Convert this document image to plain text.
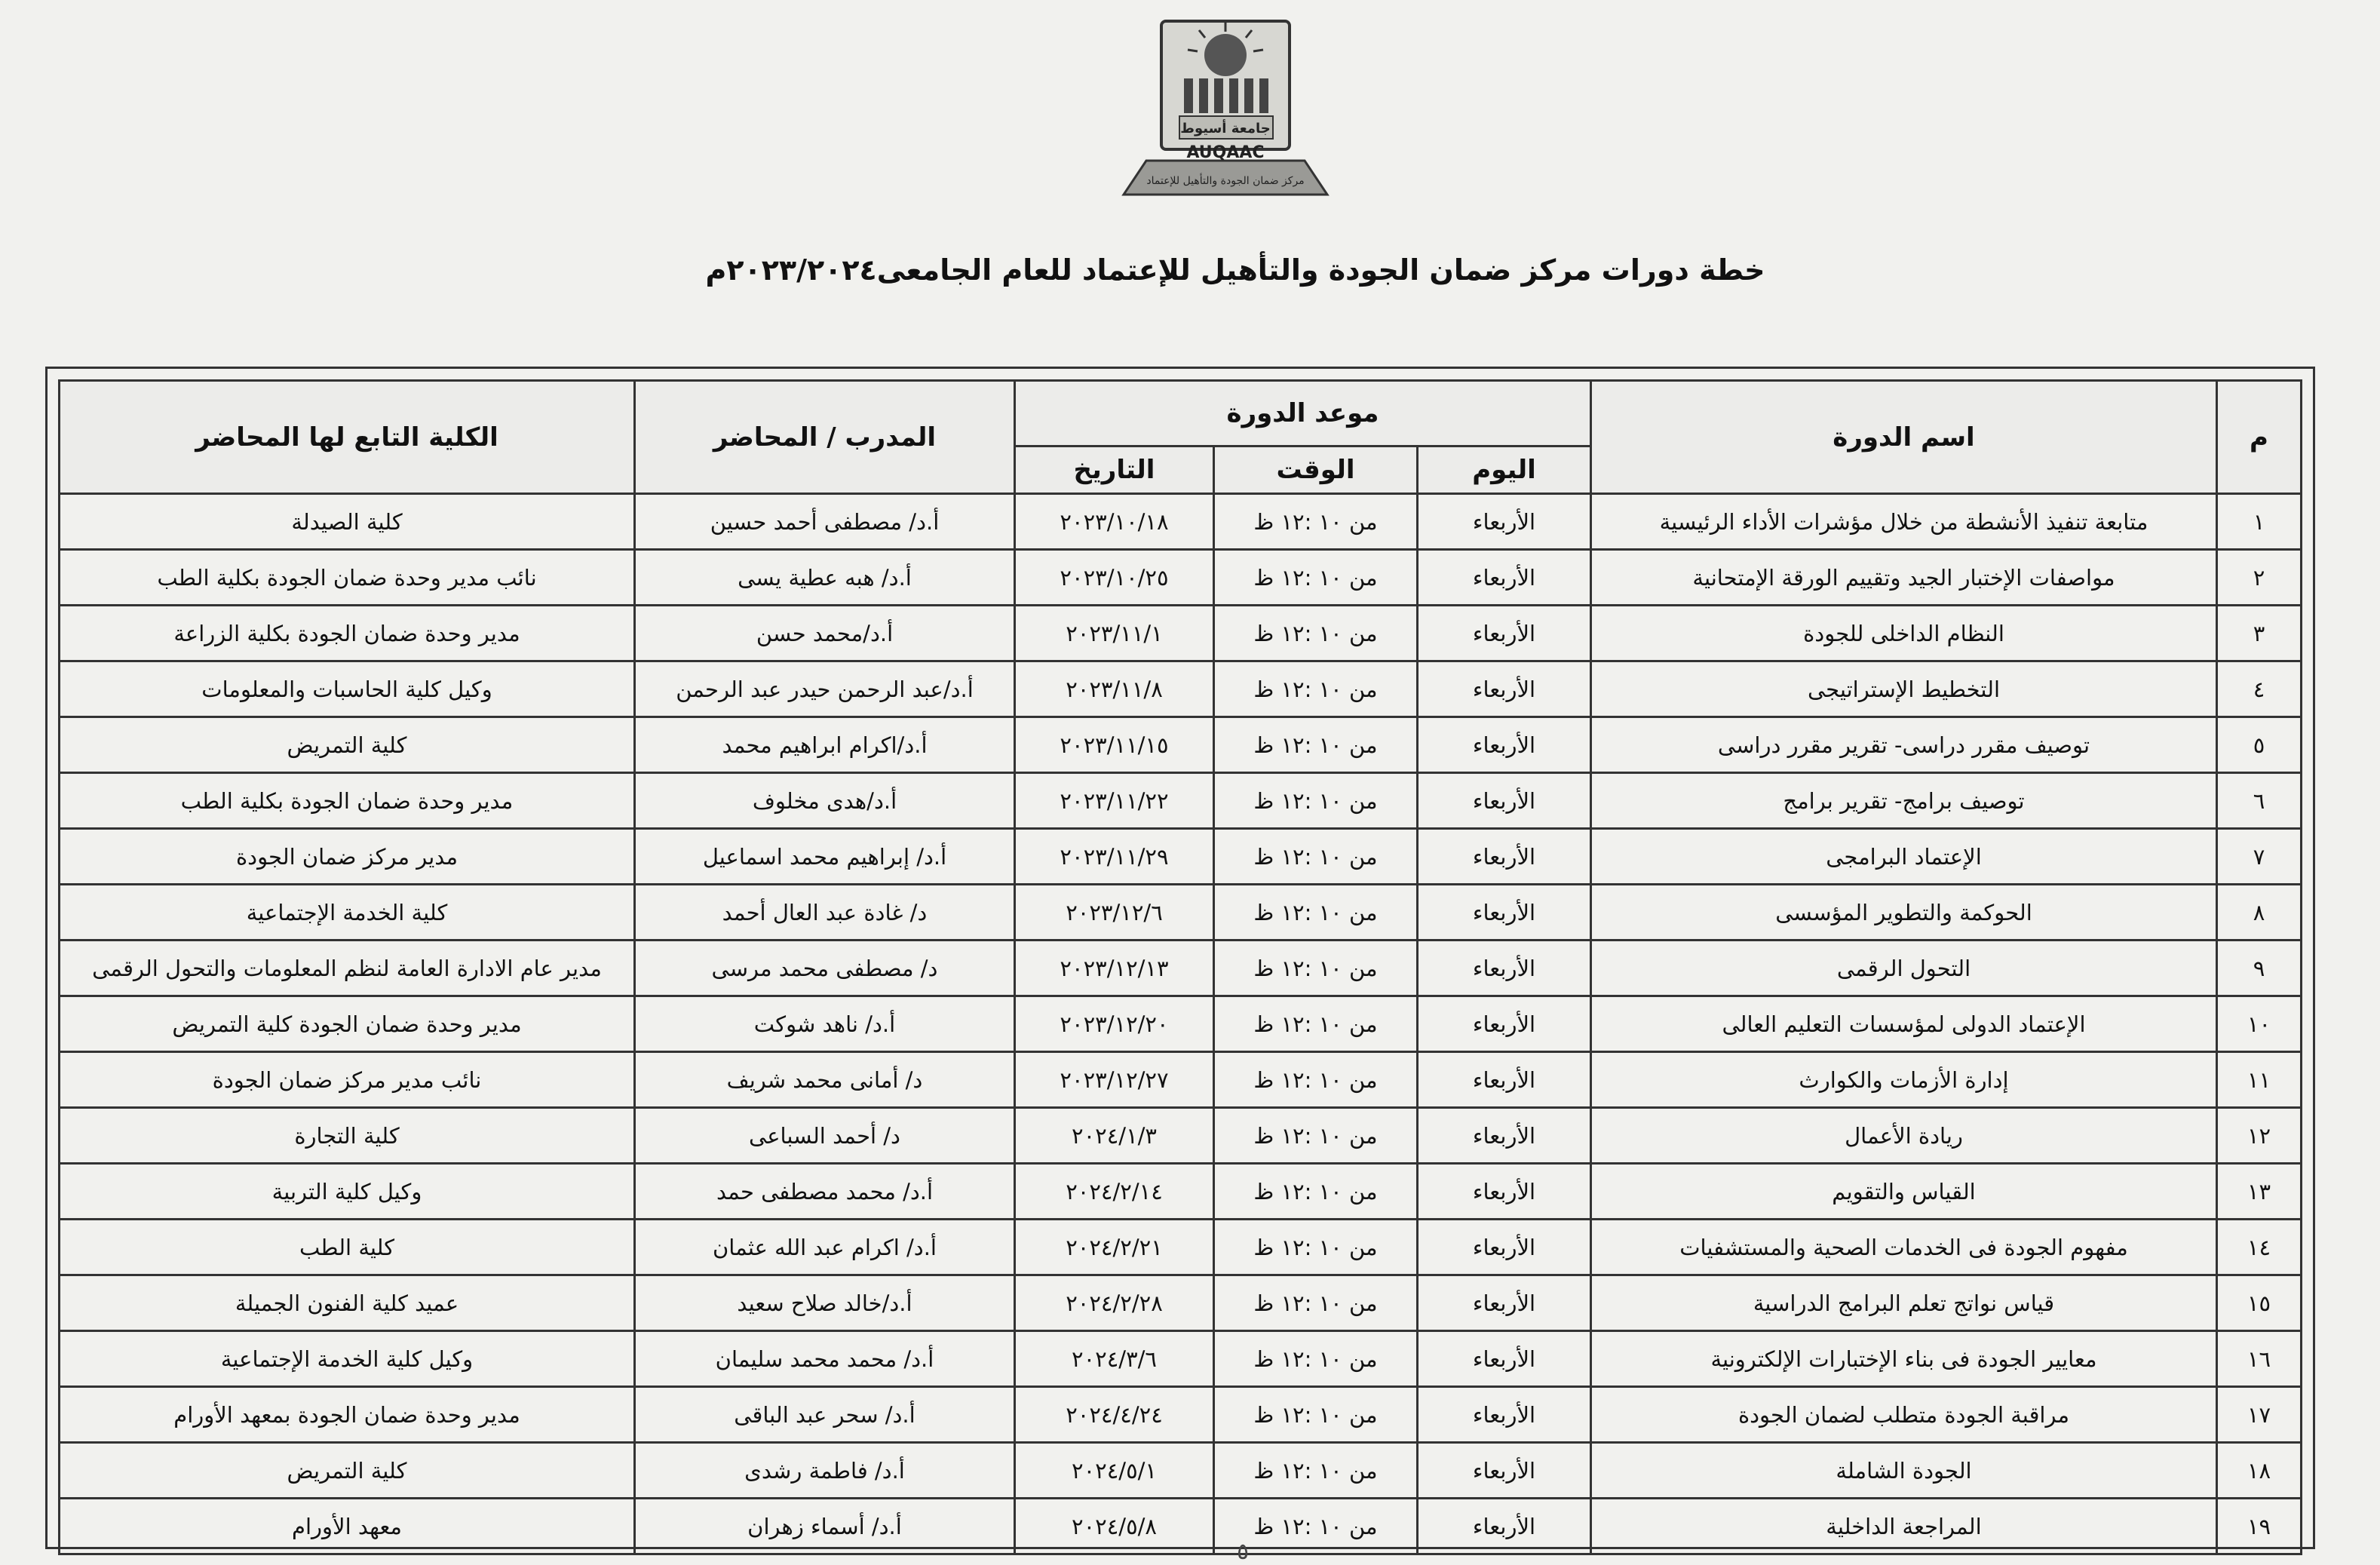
جامعة أسيوط
AUQAAC
مركز ضمان الجودة والتأهيل للإعتماد
خطة دورات مركز ضمان الجودة والتأهيل للإعتماد للعام الجامعى٢٠٢٣/٢٠٢٤م
م	اسم الدورة	موعد الدورة			المدرب / المحاضر	الكلية التابع لها المحاضر
		اليوم	الوقت	التاريخ		
١	متابعة تنفيذ الأنشطة من خلال مؤشرات الأداء الرئيسية	الأربعاء	من ١٠ :١٢ ظ	٢٠٢٣/١٠/١٨	أ.د/ مصطفى أحمد حسين	كلية الصيدلة
٢	مواصفات الإختبار الجيد وتقييم الورقة الإمتحانية	الأربعاء	من ١٠ :١٢ ظ	٢٠٢٣/١٠/٢٥	أ.د/ هبه عطية يسى	نائب مدير وحدة ضمان الجودة بكلية الطب
٣	النظام الداخلى للجودة	الأربعاء	من ١٠ :١٢ ظ	٢٠٢٣/١١/١	أ.د/محمد حسن	مدير وحدة ضمان الجودة بكلية الزراعة
٤	التخطيط الإستراتيجى	الأربعاء	من ١٠ :١٢ ظ	٢٠٢٣/١١/٨	أ.د/عبد الرحمن حيدر عبد الرحمن	وكيل كلية الحاسبات والمعلومات
٥	توصيف مقرر دراسى- تقرير مقرر دراسى	الأربعاء	من ١٠ :١٢ ظ	٢٠٢٣/١١/١٥	أ.د/اكرام ابراهيم محمد	كلية التمريض
٦	توصيف برامج- تقرير برامج	الأربعاء	من ١٠ :١٢ ظ	٢٠٢٣/١١/٢٢	أ.د/هدى مخلوف	مدير وحدة ضمان الجودة بكلية الطب
٧	الإعتماد البرامجى	الأربعاء	من ١٠ :١٢ ظ	٢٠٢٣/١١/٢٩	أ.د/ إبراهيم محمد اسماعيل	مدير مركز ضمان الجودة
٨	الحوكمة والتطوير المؤسسى	الأربعاء	من ١٠ :١٢ ظ	٢٠٢٣/١٢/٦	د/ غادة عبد العال أحمد	كلية الخدمة الإجتماعية
٩	التحول الرقمى	الأربعاء	من ١٠ :١٢ ظ	٢٠٢٣/١٢/١٣	د/ مصطفى محمد مرسى	مدير عام الادارة العامة لنظم المعلومات والتحول الرقمى
١٠	الإعتماد الدولى لمؤسسات التعليم العالى	الأربعاء	من ١٠ :١٢ ظ	٢٠٢٣/١٢/٢٠	أ.د/ ناهد شوكت	مدير وحدة ضمان الجودة كلية التمريض
١١	إدارة الأزمات والكوارث	الأربعاء	من ١٠ :١٢ ظ	٢٠٢٣/١٢/٢٧	د/ أمانى محمد شريف	نائب مدير مركز ضمان الجودة
١٢	ريادة الأعمال	الأربعاء	من ١٠ :١٢ ظ	٢٠٢٤/١/٣	د/ أحمد السباعى	كلية التجارة
١٣	القياس والتقويم	الأربعاء	من ١٠ :١٢ ظ	٢٠٢٤/٢/١٤	أ.د/ محمد مصطفى حمد	وكيل كلية التربية
١٤	مفهوم الجودة فى الخدمات الصحية والمستشفيات	الأربعاء	من ١٠ :١٢ ظ	٢٠٢٤/٢/٢١	أ.د/ اكرام عبد الله عثمان	كلية الطب
١٥	قياس نواتج تعلم البرامج الدراسية	الأربعاء	من ١٠ :١٢ ظ	٢٠٢٤/٢/٢٨	أ.د/خالد صلاح سعيد	عميد كلية الفنون الجميلة
١٦	معايير الجودة فى بناء الإختبارات الإلكترونية	الأربعاء	من ١٠ :١٢ ظ	٢٠٢٤/٣/٦	أ.د/ محمد محمد سليمان	وكيل كلية الخدمة الإجتماعية
١٧	مراقبة الجودة متطلب لضمان الجودة	الأربعاء	من ١٠ :١٢ ظ	٢٠٢٤/٤/٢٤	أ.د/ سحر عبد الباقى	مدير وحدة ضمان الجودة بمعهد الأورام
١٨	الجودة الشاملة	الأربعاء	من ١٠ :١٢ ظ	٢٠٢٤/٥/١	أ.د/ فاطمة رشدى	كلية التمريض
١٩	المراجعة الداخلية	الأربعاء	من ١٠ :١٢ ظ	٢٠٢٤/٥/٨	أ.د/ أسماء زهران	معهد الأورام
٥
